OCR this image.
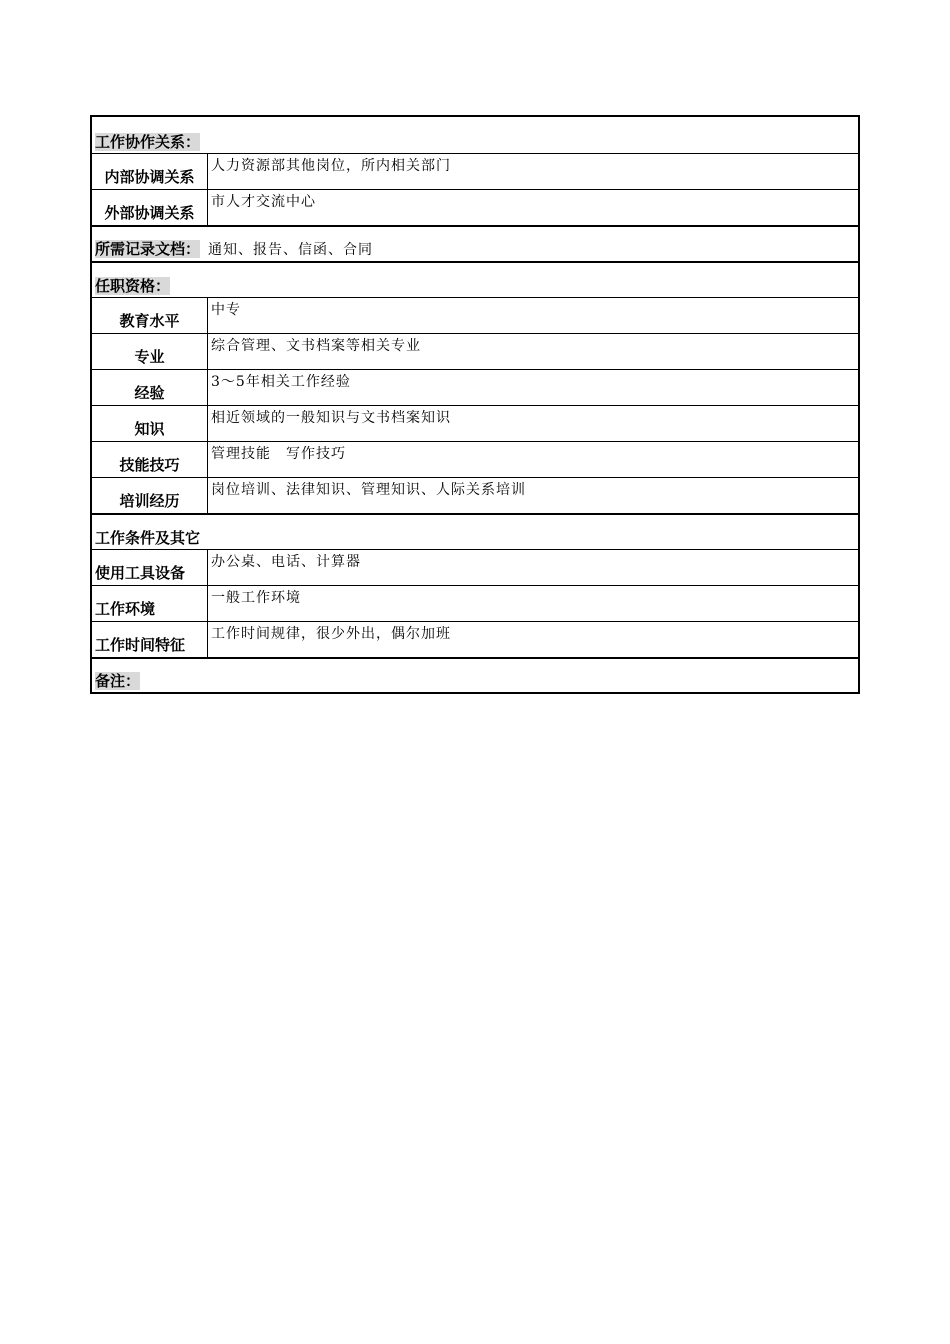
工作协作关系：
内部协调关系
人力资源部其他岗位，所内相关部门
外部协调关系
市人才交流中心
所需记录文档： 通知、报告、信函、合同
任职资格：
教育水平
中专
专业
综合管理、文书档案等相关专业
经验
3～5年相关工作经验
知识
相近领域的一般知识与文书档案知识
技能技巧
管理技能　写作技巧
培训经历
岗位培训、法律知识、管理知识、人际关系培训
工作条件及其它
使用工具设备
办公桌、电话、计算器
工作环境
一般工作环境
工作时间特征
工作时间规律，很少外出，偶尔加班
备注：
